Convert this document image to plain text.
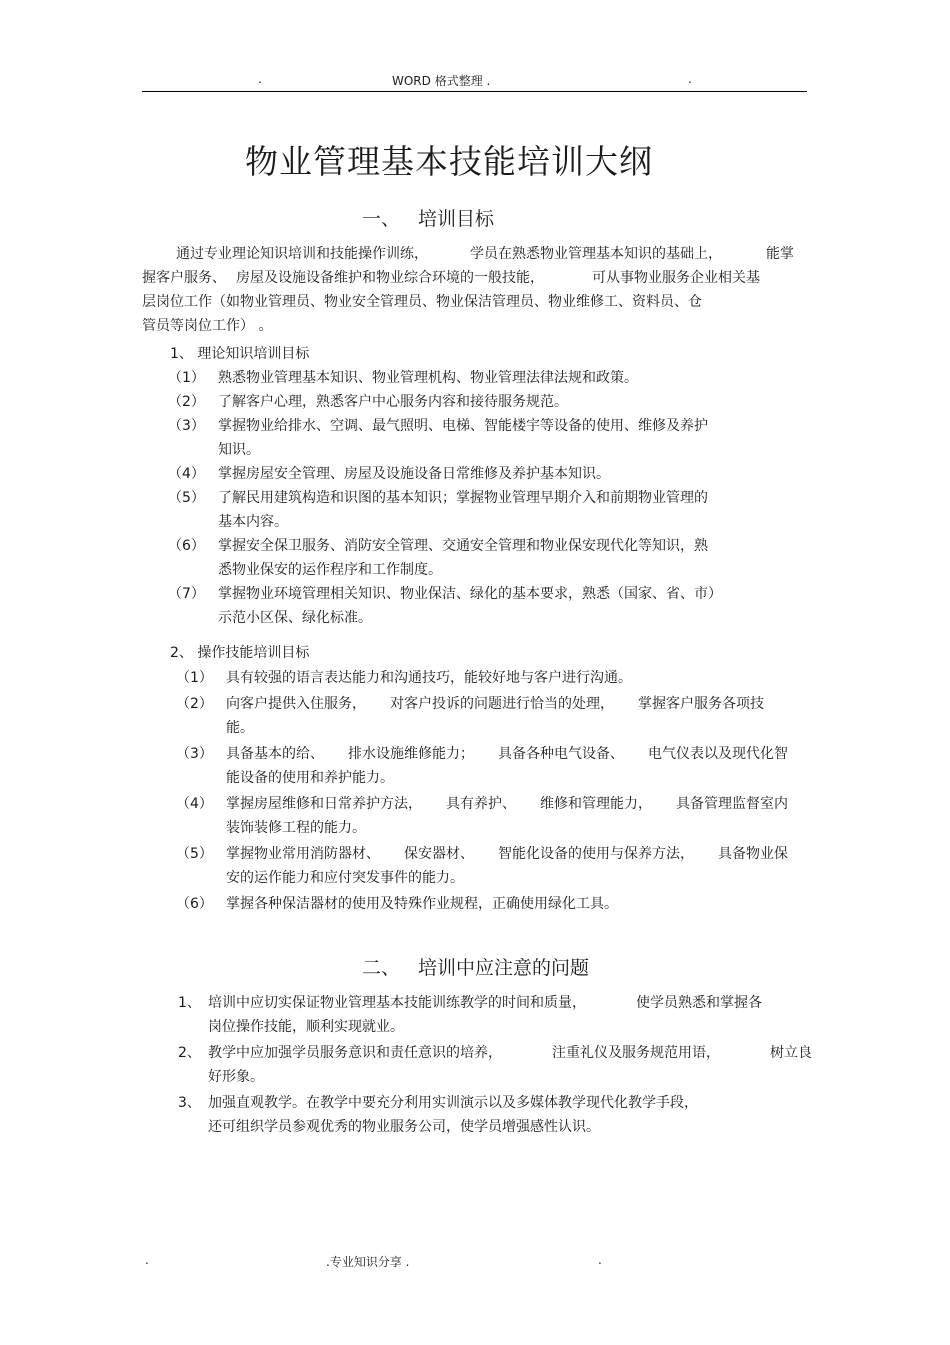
.	WORD 格式整理 .	.
物业管理基本技能培训大纲
一、 培训目标
通过专业理论知识培训和技能操作训练，	学员在熟悉物业管理基本知识的基础上，	能掌
握客户服务、 房屋及设施设备维护和物业综合环境的一般技能，	可从事物业服务企业相关基
层岗位工作（如物业管理员、物业安全管理员、物业保洁管理员、物业维修工、资料员、仓
管员等岗位工作） 。
1、 理论知识培训目标
（1） 熟悉物业管理基本知识、物业管理机构、物业管理法律法规和政策。
（2） 了解客户心理，熟悉客户中心服务内容和接待服务规范。
（3） 掌握物业给排水、空调、最气照明、电梯、智能楼宇等设备的使用、维修及养护
知识。
（4） 掌握房屋安全管理、房屋及设施设备日常维修及养护基本知识。
（5） 了解民用建筑构造和识图的基本知识；掌握物业管理早期介入和前期物业管理的
基本内容。
（6） 掌握安全保卫服务、消防安全管理、交通安全管理和物业保安现代化等知识，熟
悉物业保安的运作程序和工作制度。
（7） 掌握物业环境管理相关知识、物业保洁、绿化的基本要求，熟悉（国家、省、市）
示范小区保、绿化标准。
2、 操作技能培训目标
（1） 具有较强的语言表达能力和沟通技巧，能较好地与客户进行沟通。
（2） 向客户提供入住服务， 对客户投诉的问题进行恰当的处理， 掌握客户服务各项技
能。
（3） 具备基本的给、 排水设施维修能力； 具备各种电气设备、 电气仪表以及现代化智
能设备的使用和养护能力。
（4） 掌握房屋维修和日常养护方法， 具有养护、 维修和管理能力， 具备管理监督室内
装饰装修工程的能力。
（5） 掌握物业常用消防器材、 保安器材、 智能化设备的使用与保养方法， 具备物业保
安的运作能力和应付突发事件的能力。
（6） 掌握各种保洁器材的使用及特殊作业规程，正确使用绿化工具。
二、 培训中应注意的问题
1、 培训中应切实保证物业管理基本技能训练教学的时间和质量，	使学员熟悉和掌握各
岗位操作技能，顺利实现就业。
2、 教学中应加强学员服务意识和责任意识的培养，	注重礼仪及服务规范用语，	树立良
好形象。
3、 加强直观教学。在教学中要充分利用实训演示以及多媒体教学现代化教学手段，
还可组织学员参观优秀的物业服务公司，使学员增强感性认识。
.	.专业知识分享 .	.
